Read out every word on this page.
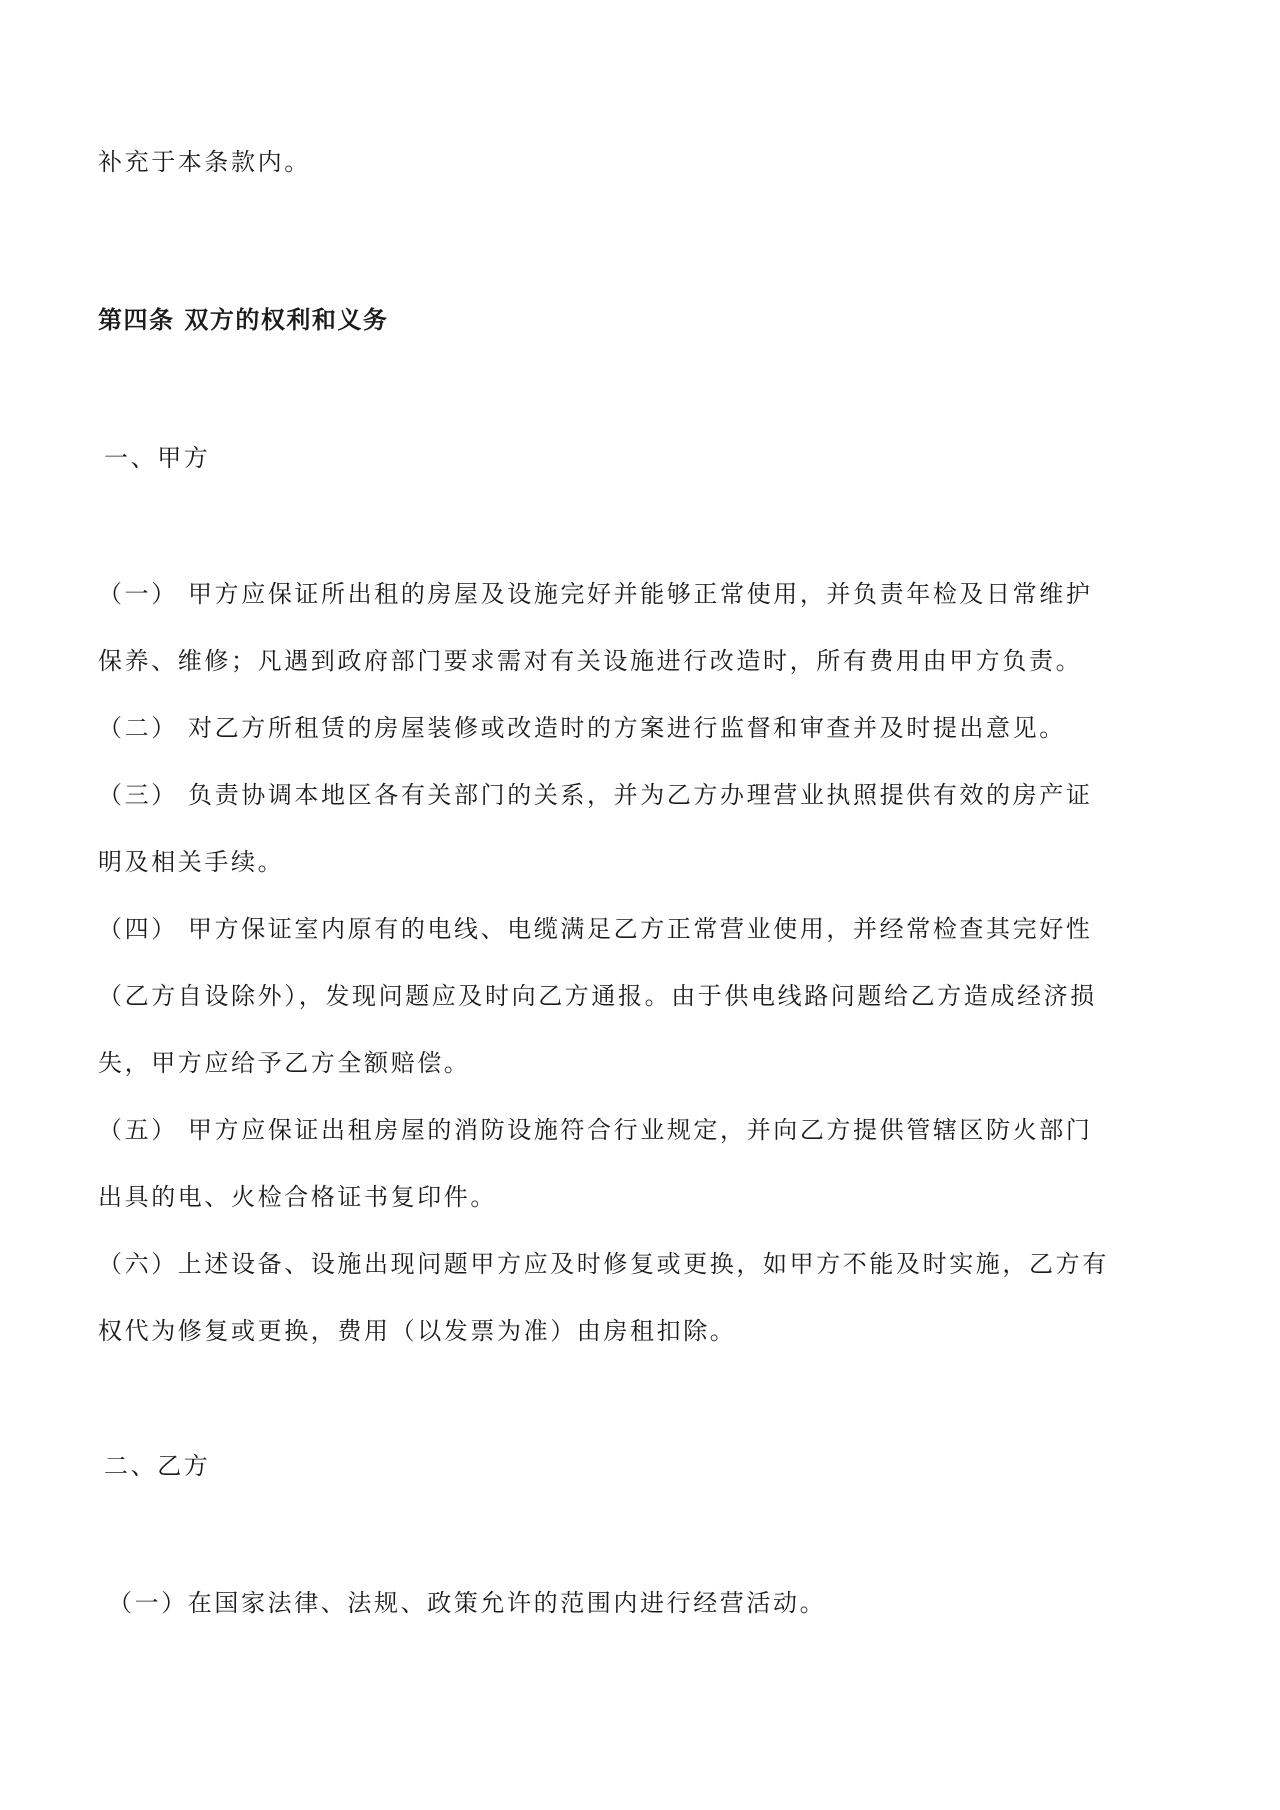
补充于本条款内。
第四条 双方的权利和义务
一、甲方
（一） 甲方应保证所出租的房屋及设施完好并能够正常使用，并负责年检及日常维护
保养、维修；凡遇到政府部门要求需对有关设施进行改造时，所有费用由甲方负责。
（二） 对乙方所租赁的房屋装修或改造时的方案进行监督和审查并及时提出意见。
（三） 负责协调本地区各有关部门的关系，并为乙方办理营业执照提供有效的房产证
明及相关手续。
（四） 甲方保证室内原有的电线、电缆满足乙方正常营业使用，并经常检查其完好性
（乙方自设除外），发现问题应及时向乙方通报。由于供电线路问题给乙方造成经济损
失，甲方应给予乙方全额赔偿。
（五） 甲方应保证出租房屋的消防设施符合行业规定，并向乙方提供管辖区防火部门
出具的电、火检合格证书复印件。
（六）上述设备、设施出现问题甲方应及时修复或更换，如甲方不能及时实施，乙方有
权代为修复或更换，费用（以发票为准）由房租扣除。
二、乙方
（一）在国家法律、法规、政策允许的范围内进行经营活动。
